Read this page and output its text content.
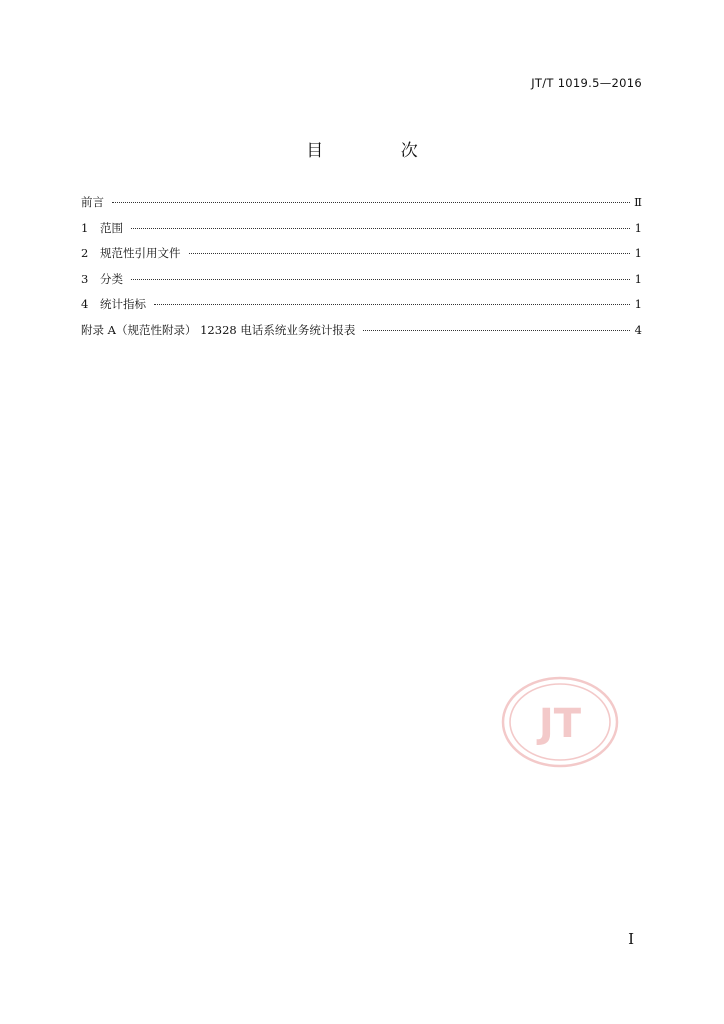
JT/T 1019.5—2016
目 次
前言	Ⅱ
1	范围	1
2	规范性引用文件	1
3	分类	1
4	统计指标	1
附录 A（规范性附录） 12328 电话系统业务统计报表	4
JT
I
